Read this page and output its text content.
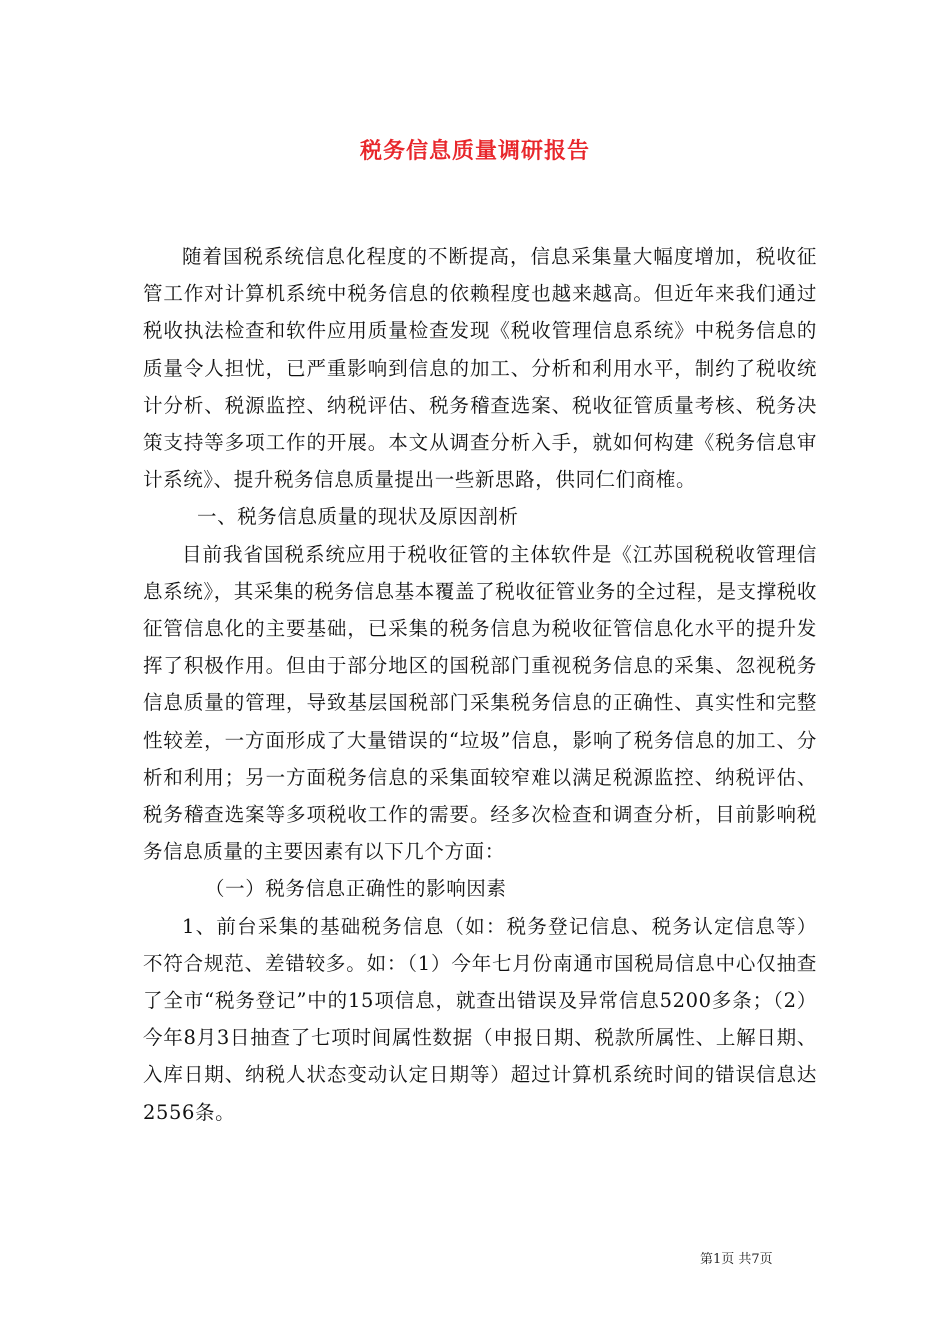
税务信息质量调研报告

随着国税系统信息化程度的不断提高，信息采集量大幅度增加，税收征管工作对计算机系统中税务信息的依赖程度也越来越高。但近年来我们通过税收执法检查和软件应用质量检查发现《税收管理信息系统》中税务信息的质量令人担忧，已严重影响到信息的加工、分析和利用水平，制约了税收统计分析、税源监控、纳税评估、税务稽查选案、税收征管质量考核、税务决策支持等多项工作的开展。本文从调查分析入手，就如何构建《税务信息审计系统》、提升税务信息质量提出一些新思路，供同仁们商榷。

一、税务信息质量的现状及原因剖析

目前我省国税系统应用于税收征管的主体软件是《江苏国税税收管理信息系统》，其采集的税务信息基本覆盖了税收征管业务的全过程，是支撑税收征管信息化的主要基础，已采集的税务信息为税收征管信息化水平的提升发挥了积极作用。但由于部分地区的国税部门重视税务信息的采集、忽视税务信息质量的管理，导致基层国税部门采集税务信息的正确性、真实性和完整性较差，一方面形成了大量错误的“垃圾”信息，影响了税务信息的加工、分析和利用；另一方面税务信息的采集面较窄难以满足税源监控、纳税评估、税务稽查选案等多项税收工作的需要。经多次检查和调查分析，目前影响税务信息质量的主要因素有以下几个方面：

（一）税务信息正确性的影响因素

1、前台采集的基础税务信息（如：税务登记信息、税务认定信息等）不符合规范、差错较多。如：（1）今年七月份南通市国税局信息中心仅抽查了全市“税务登记”中的15项信息，就查出错误及异常信息5200多条；（2）今年8月3日抽查了七项时间属性数据（申报日期、税款所属性、上解日期、入库日期、纳税人状态变动认定日期等）超过计算机系统时间的错误信息达2556条。

第1页 共7页
